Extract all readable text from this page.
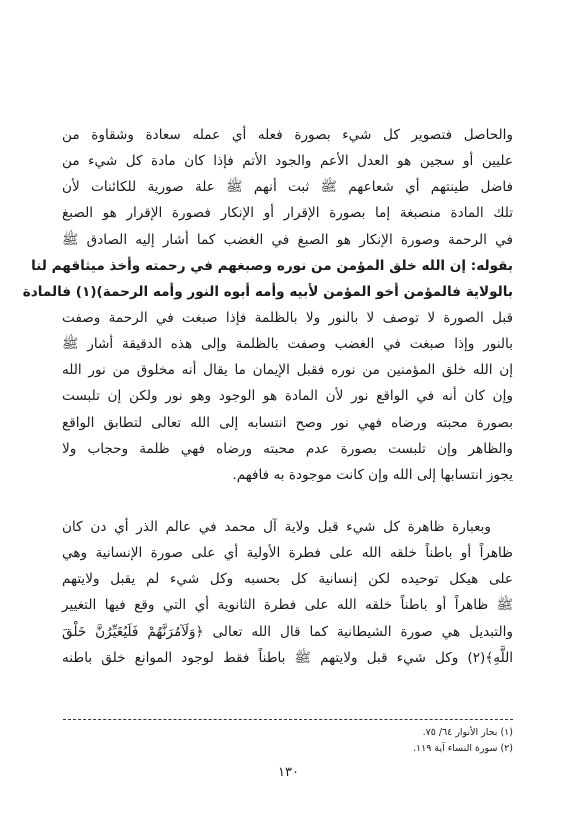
والحاصل فتصوير كل شيء بصورة فعله أي عمله سعادة وشقاوة من
عليين أو سجين هو العدل الأعم والجود الأتم فإذا كان مادة كل شيء من
فاضل طينتهم أي شعاعهم ﷺ ثبت أنهم ﷺ علة صورية للكائنات لأن
تلك المادة منصبغة إما بصورة الإقرار أو الإنكار فصورة الإقرار هو الصبغ
في الرحمة وصورة الإنكار هو الصبغ في الغضب كما أشار إليه الصادق ﷺ
بقوله: إن الله خلق المؤمن من نوره وصبغهم في رحمته وأخذ ميثاقهم لنا
بالولاية فالمؤمن أخو المؤمن لأبيه وأمه أبوه النور وأمه الرحمة)(١) فالمادة
قبل الصورة لا توصف لا بالنور ولا بالظلمة فإذا صبغت في الرحمة وصفت
بالنور وإذا صبغت في الغضب وصفت بالظلمة وإلى هذه الدقيقة أشار ﷺ
إن الله خلق المؤمنين من نوره فقبل الإيمان ما يقال أنه مخلوق من نور الله
وإن كان أنه في الواقع نور لأن المادة هو الوجود وهو نور ولكن إن تلبست
بصورة محبته ورضاه فهي نور وصح انتسابه إلى الله تعالى لتطابق الواقع
والظاهر وإن تلبست بصورة عدم محبته ورضاه فهي ظلمة وحجاب ولا
يجوز انتسابها إلى الله وإن كانت موجودة به فافهم.
وبعبارة ظاهرة كل شيء قبل ولاية آل محمد في عالم الذر أي دن كان
ظاهراً أو باطناً خلقه الله على فطرة الأولية أي على صورة الإنسانية وهي
على هيكل توحيده لكن إنسانية كل بحسبه وكل شيء لم يقبل ولايتهم
ﷺ ظاهراً أو باطناً خلقه الله على فطرة الثانوية أي التي وقع فيها التغيير
والتبديل هي صورة الشيطانية كما قال الله تعالى ﴿وَلَآمُرَنَّهُمْ فَلَيُغَيِّرُنَّ خَلْقَ
اللَّهِ﴾(٢) وكل شيء قبل ولايتهم ﷺ باطناً فقط لوجود الموانع خلق باطنه
(١) بحار الأنوار ٦٤/ ٧٥.
(٢) سورة النساء آية ١١٩.
١٣٠
